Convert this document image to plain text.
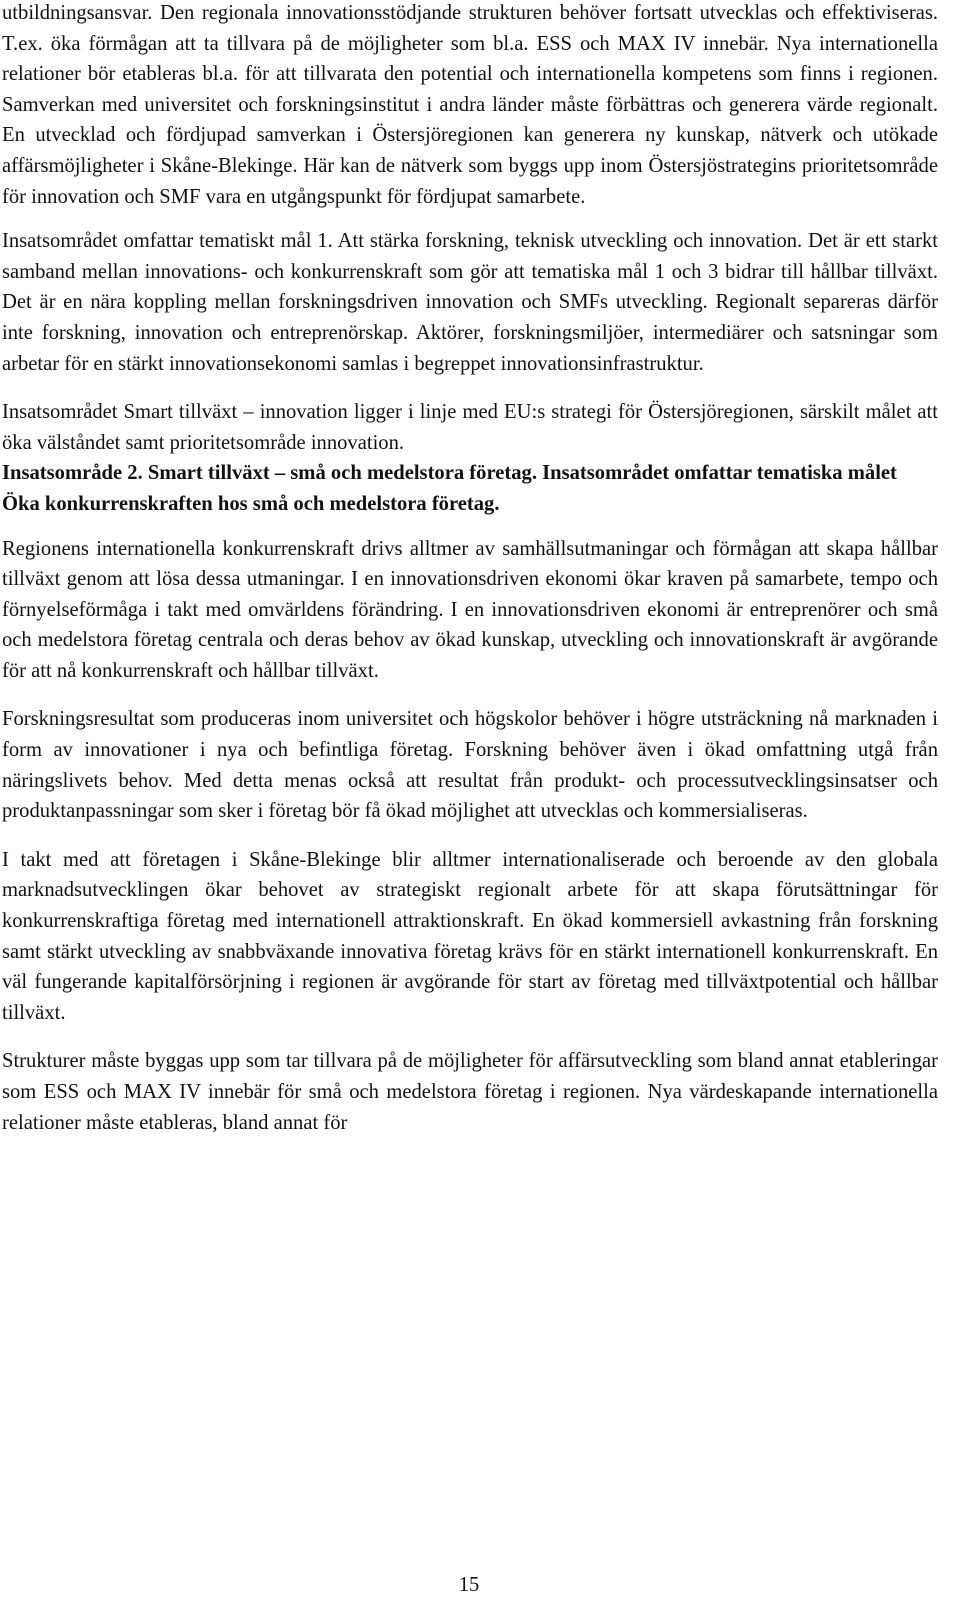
utbildningsansvar. Den regionala innovationsstödjande strukturen behöver fortsatt utvecklas och effektiviseras. T.ex. öka förmågan att ta tillvara på de möjligheter som bl.a. ESS och MAX IV innebär. Nya internationella relationer bör etableras bl.a. för att tillvarata den potential och internationella kompetens som finns i regionen. Samverkan med universitet och forskningsinstitut i andra länder måste förbättras och generera värde regionalt. En utvecklad och fördjupad samverkan i Östersjöregionen kan generera ny kunskap, nätverk och utökade affärsmöjligheter i Skåne-Blekinge. Här kan de nätverk som byggs upp inom Östersjöstrategins prioritetsområde för innovation och SMF vara en utgångspunkt för fördjupat samarbete.

Insatsområdet omfattar tematiskt mål 1. Att stärka forskning, teknisk utveckling och innovation. Det är ett starkt samband mellan innovations- och konkurrenskraft som gör att tematiska mål 1 och 3 bidrar till hållbar tillväxt. Det är en nära koppling mellan forskningsdriven innovation och SMFs utveckling. Regionalt separeras därför inte forskning, innovation och entreprenörskap. Aktörer, forskningsmiljöer, intermediärer och satsningar som arbetar för en stärkt innovationsekonomi samlas i begreppet innovationsinfrastruktur.

Insatsområdet Smart tillväxt – innovation ligger i linje med EU:s strategi för Östersjöregionen, särskilt målet att öka välståndet samt prioritetsområde innovation.

Insatsområde 2. Smart tillväxt – små och medelstora företag. Insatsområdet omfattar tematiska målet Öka konkurrenskraften hos små och medelstora företag.

Regionens internationella konkurrenskraft drivs alltmer av samhällsutmaningar och förmågan att skapa hållbar tillväxt genom att lösa dessa utmaningar. I en innovationsdriven ekonomi ökar kraven på samarbete, tempo och förnyelseförmåga i takt med omvärldens förändring. I en innovationsdriven ekonomi är entreprenörer och små och medelstora företag centrala och deras behov av ökad kunskap, utveckling och innovationskraft är avgörande för att nå konkurrenskraft och hållbar tillväxt.

Forskningsresultat som produceras inom universitet och högskolor behöver i högre utsträckning nå marknaden i form av innovationer i nya och befintliga företag. Forskning behöver även i ökad omfattning utgå från näringslivets behov. Med detta menas också att resultat från produkt- och processutvecklingsinsatser och produktanpassningar som sker i företag bör få ökad möjlighet att utvecklas och kommersialiseras.

I takt med att företagen i Skåne-Blekinge blir alltmer internationaliserade och beroende av den globala marknadsutvecklingen ökar behovet av strategiskt regionalt arbete för att skapa förutsättningar för konkurrenskraftiga företag med internationell attraktionskraft. En ökad kommersiell avkastning från forskning samt stärkt utveckling av snabbväxande innovativa företag krävs för en stärkt internationell konkurrenskraft. En väl fungerande kapitalförsörjning i regionen är avgörande för start av företag med tillväxtpotential och hållbar tillväxt.

Strukturer måste byggas upp som tar tillvara på de möjligheter för affärsutveckling som bland annat etableringar som ESS och MAX IV innebär för små och medelstora företag i regionen. Nya värdeskapande internationella relationer måste etableras, bland annat för

15
